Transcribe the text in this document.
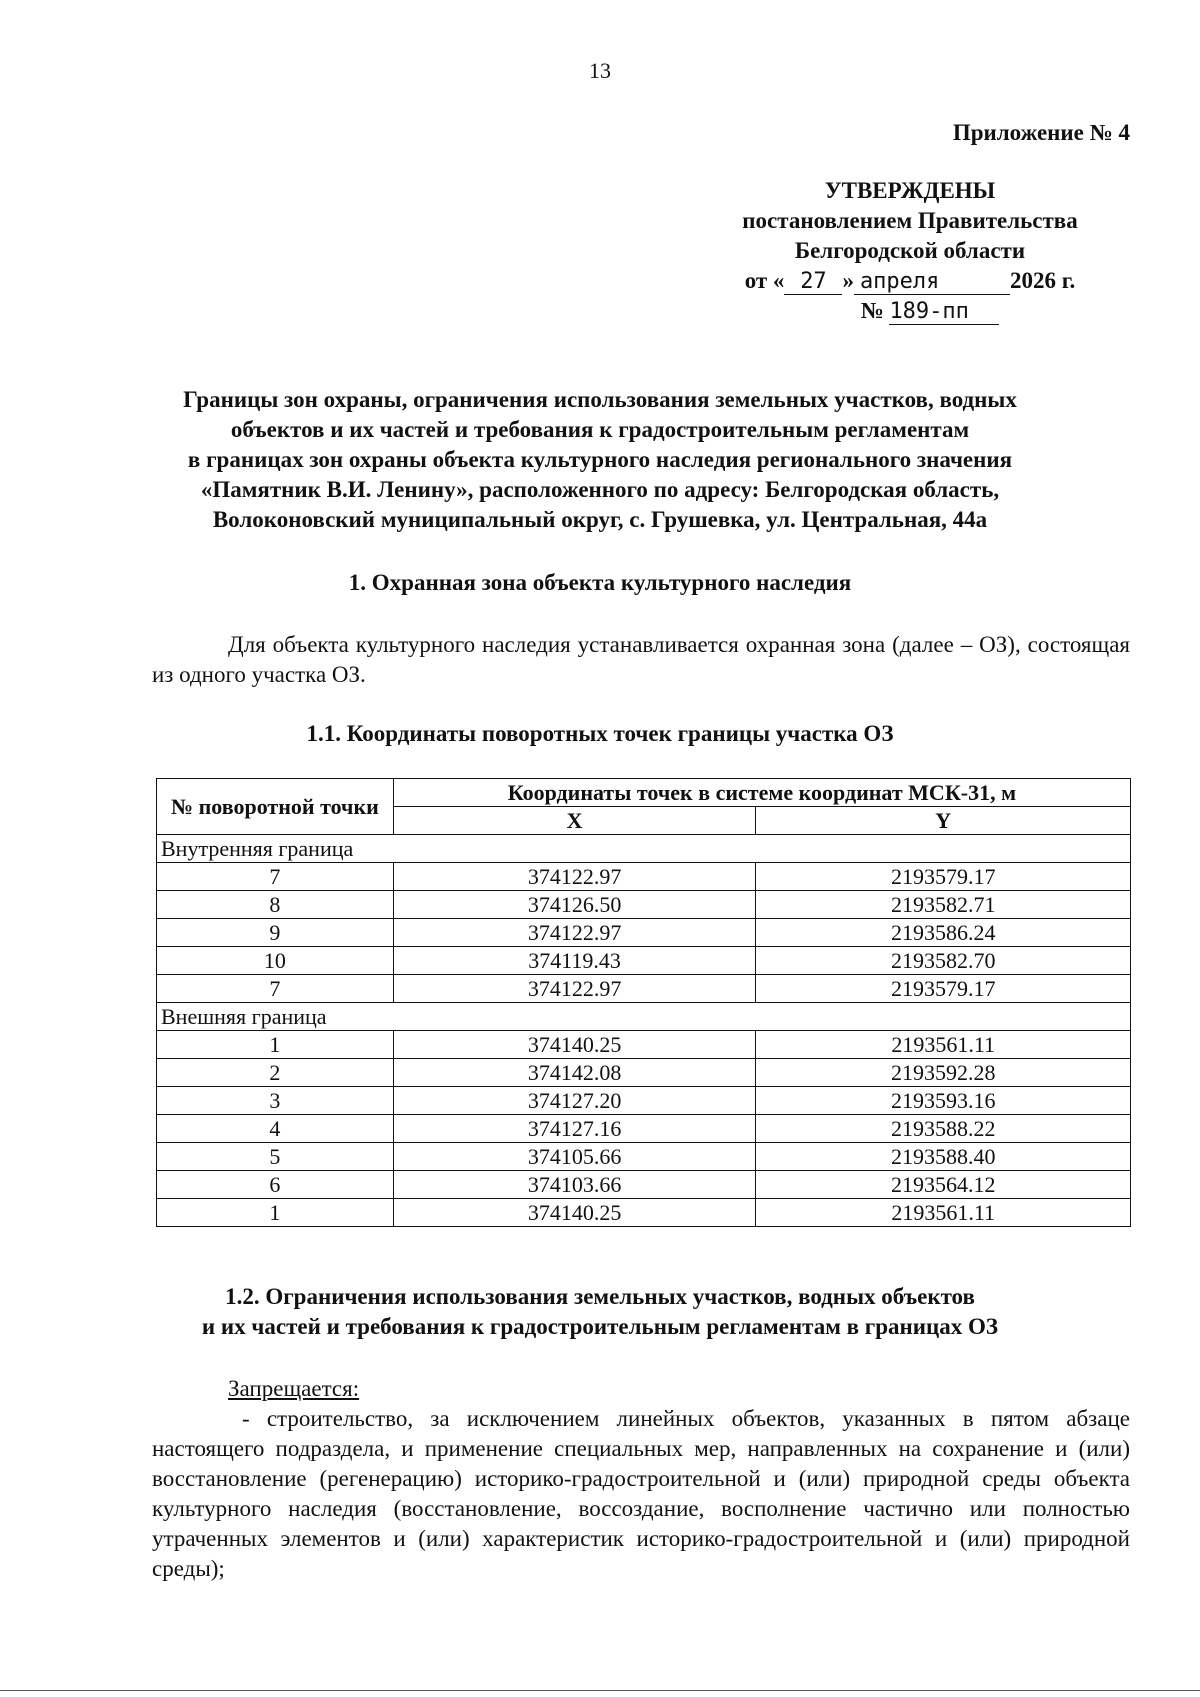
13
Приложение № 4
УТВЕРЖДЕНЫ
постановлением Правительства
Белгородской области
от « 27 » апреля	2026 г.
№ 189-пп
Границы зон охраны, ограничения использования земельных участков, водных
объектов и их частей и требования к градостроительным регламентам
в границах зон охраны объекта культурного наследия регионального значения
«Памятник В.И. Ленину», расположенного по адресу: Белгородская область,
Волоконовский муниципальный округ, с. Грушевка, ул. Центральная, 44а
1. Охранная зона объекта культурного наследия
Для объекта культурного наследия устанавливается охранная зона (далее – ОЗ), состоящая из одного участка ОЗ.
1.1. Координаты поворотных точек границы участка ОЗ
№ поворотной точки	Координаты точек в системе координат МСК-31, м	
	X	Y
Внутренняя граница		
7	374122.97	2193579.17
8	374126.50	2193582.71
9	374122.97	2193586.24
10	374119.43	2193582.70
7	374122.97	2193579.17
Внешняя граница		
1	374140.25	2193561.11
2	374142.08	2193592.28
3	374127.20	2193593.16
4	374127.16	2193588.22
5	374105.66	2193588.40
6	374103.66	2193564.12
1	374140.25	2193561.11
1.2. Ограничения использования земельных участков, водных объектов
и их частей и требования к градостроительным регламентам в границах ОЗ
Запрещается:
- строительство, за исключением линейных объектов, указанных в пятом абзаце настоящего подраздела, и применение специальных мер, направленных на сохранение и (или) восстановление (регенерацию) историко-градостроительной и (или) природной среды объекта культурного наследия (восстановление, воссоздание, восполнение частично или полностью утраченных элементов и (или) характеристик историко-градостроительной и (или) природной среды);
